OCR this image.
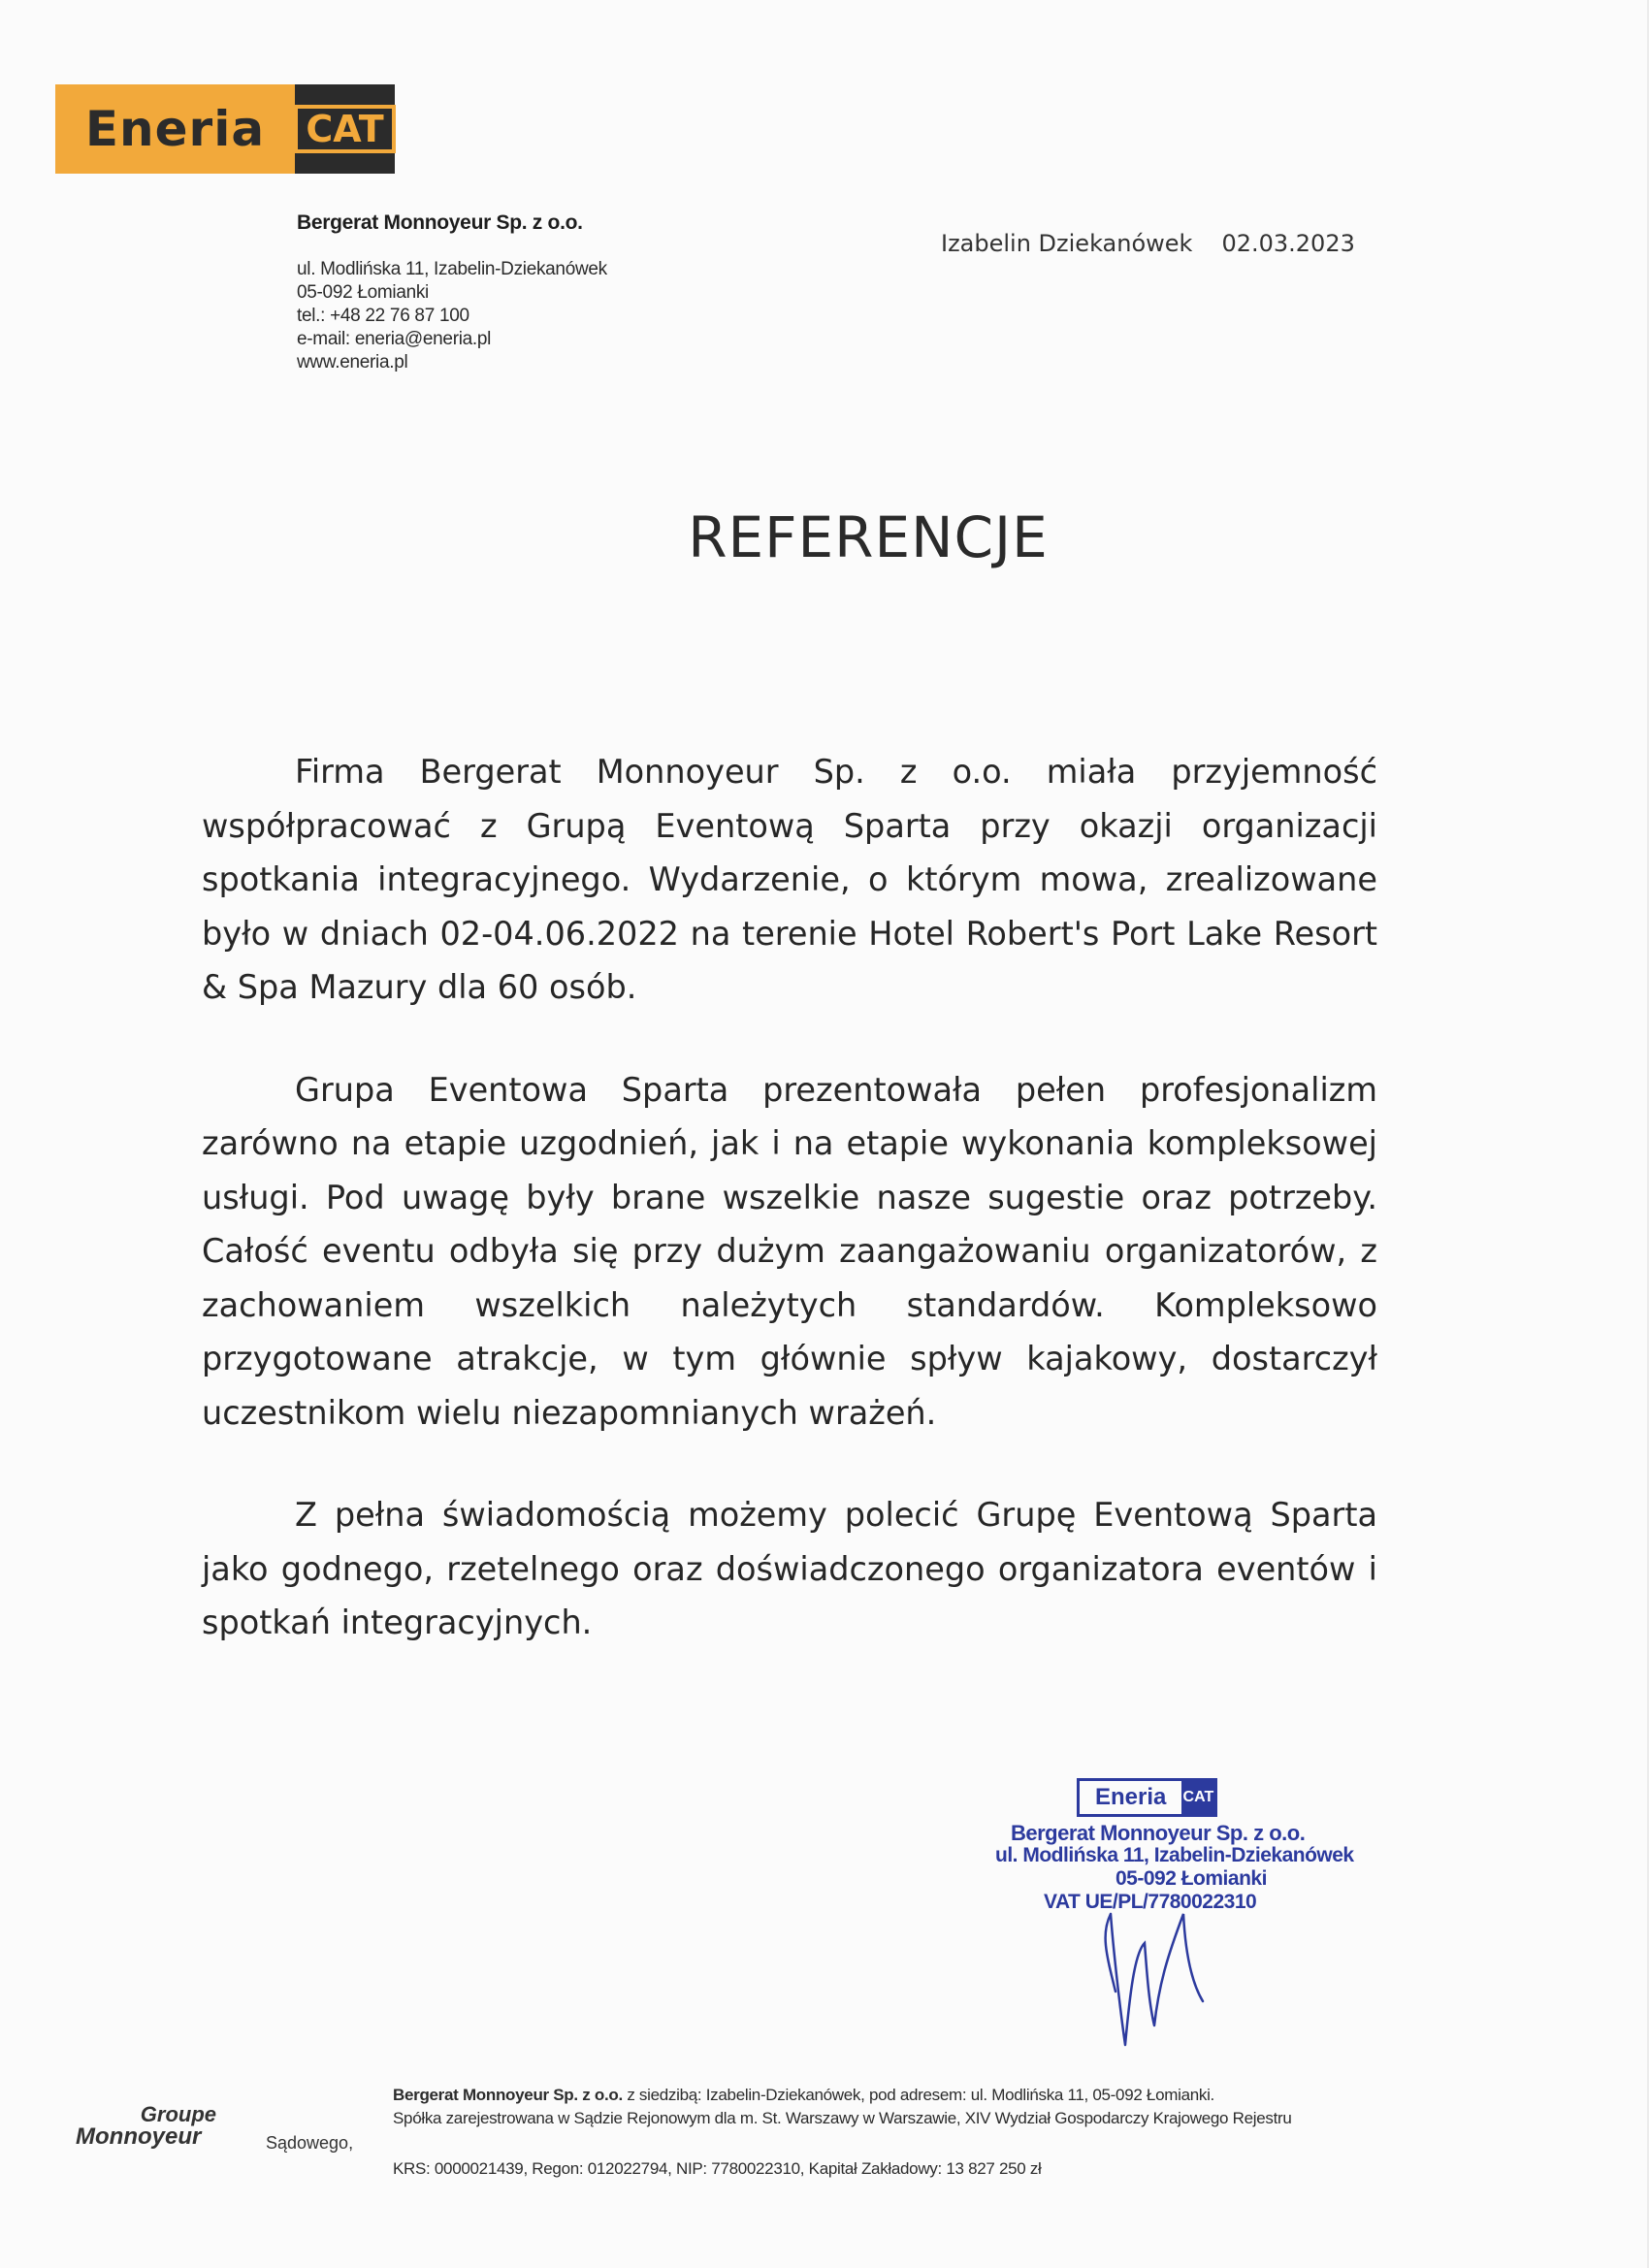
Eneria	CAT
Bergerat Monnoyeur Sp. z o.o.
ul. Modlińska 11, Izabelin-Dziekanówek
05-092 Łomianki
tel.: +48 22 76 87 100
e-mail: eneria@eneria.pl
www.eneria.pl
Izabelin Dziekanówek 02.03.2023
REFERENCJE

Firma Bergerat Monnoyeur Sp. z o.o. miała przyjemność współpracować z Grupą Eventową Sparta przy okazji organizacji spotkania integracyjnego. Wydarzenie, o którym mowa, zrealizowane było w dniach 02-04.06.2022 na terenie Hotel Robert's Port Lake Resort & Spa Mazury dla 60 osób.

Grupa Eventowa Sparta prezentowała pełen profesjonalizm zarówno na etapie uzgodnień, jak i na etapie wykonania kompleksowej usługi. Pod uwagę były brane wszelkie nasze sugestie oraz potrzeby. Całość eventu odbyła się przy dużym zaangażowaniu organizatorów, z zachowaniem wszelkich należytych standardów. Kompleksowo przygotowane atrakcje, w tym głównie spływ kajakowy, dostarczył uczestnikom wielu niezapomnianych wrażeń.

Z pełna świadomością możemy polecić Grupę Eventową Sparta jako godnego, rzetelnego oraz doświadczonego organizatora eventów i spotkań integracyjnych.

Eneria	CAT
Bergerat Monnoyeur Sp. z o.o.
ul. Modlińska 11, Izabelin-Dziekanówek
05-092 Łomianki
VAT UE/PL/7780022310
Groupe
Monnoyeur	Sądowego,
Bergerat Monnoyeur Sp. z o.o. z siedzibą: Izabelin-Dziekanówek, pod adresem: ul. Modlińska 11, 05-092 Łomianki.
Spółka zarejestrowana w Sądzie Rejonowym dla m. St. Warszawy w Warszawie, XIV Wydział Gospodarczy Krajowego Rejestru
KRS: 0000021439, Regon: 012022794, NIP: 7780022310, Kapitał Zakładowy: 13 827 250 zł
